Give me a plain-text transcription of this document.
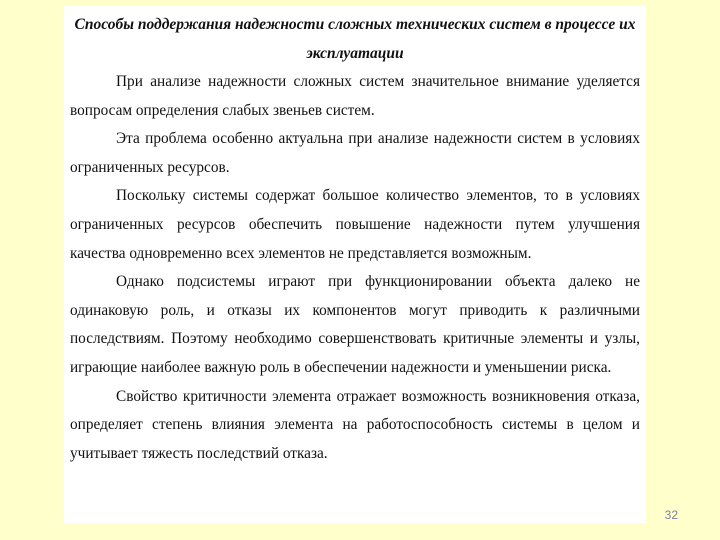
Способы поддержания надежности сложных технических систем в процессе их эксплуатации

При анализе надежности сложных систем значительное внимание уделяется вопросам определения слабых звеньев систем.

Эта проблема особенно актуальна при анализе надежности систем в условиях ограниченных ресурсов.

Поскольку системы содержат большое количество элементов, то в условиях ограниченных ресурсов обеспечить повышение надежности путем улучшения качества одновременно всех элементов не представляется возможным.

Однако подсистемы играют при функционировании объекта далеко не одинаковую роль, и отказы их компонентов могут приводить к различными последствиям. Поэтому необходимо совершенствовать критичные элементы и узлы, играющие наиболее важную роль в обеспечении надежности и уменьшении риска.

Свойство критичности элемента отражает возможность возникновения отказа, определяет степень влияния элемента на работоспособность системы в целом и учитывает тяжесть последствий отказа.

32
